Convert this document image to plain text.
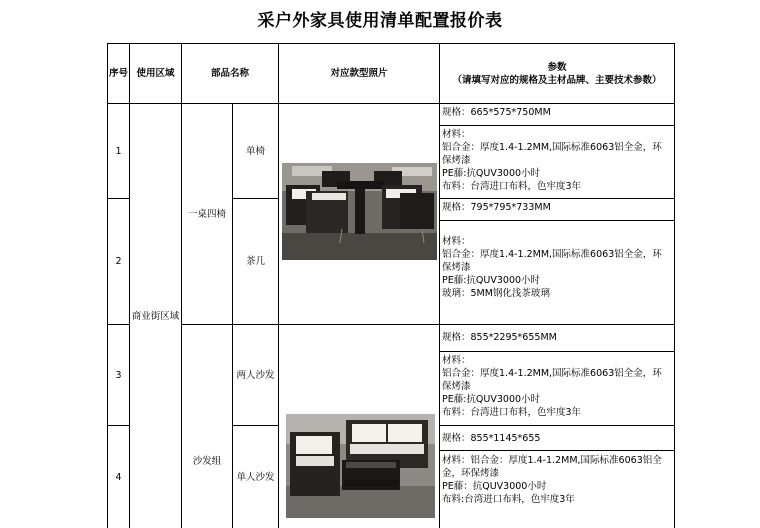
采户外家具使用清单配置报价表
序号 使用区域	部品名称	对应款型照片
参数
（请填写对应的规格及主材品牌、主要技术参数）
1
2
3
4
商业街区域
一桌四椅
沙发组
单椅
茶几
两人沙发
单人沙发
规格：665*575*750MM
材料：
铝合金：厚度1.4-1.2MM,国际标准6063铝全金，环
保烤漆
PE藤:抗QUV3000小时
布料：台湾进口布料，色牢度3年
规格：795*795*733MM
材料：
铝合金：厚度1.4-1.2MM,国际标准6063铝全金，环
保烤漆
PE藤:抗QUV3000小时
玻璃：5MM钢化浅茶玻璃
规格：855*2295*655MM
材料：
铝合金：厚度1.4-1.2MM,国际标准6063铝全金，环
保烤漆
PE藤:抗QUV3000小时
布料：台湾进口布料，色牢度3年
规格：855*1145*655
材料：铝合金：厚度1.4-1.2MM,国际标准6063铝全
金，环保烤漆
PE藤：抗QUV3000小时
布料:台湾进口布料，色牢度3年
